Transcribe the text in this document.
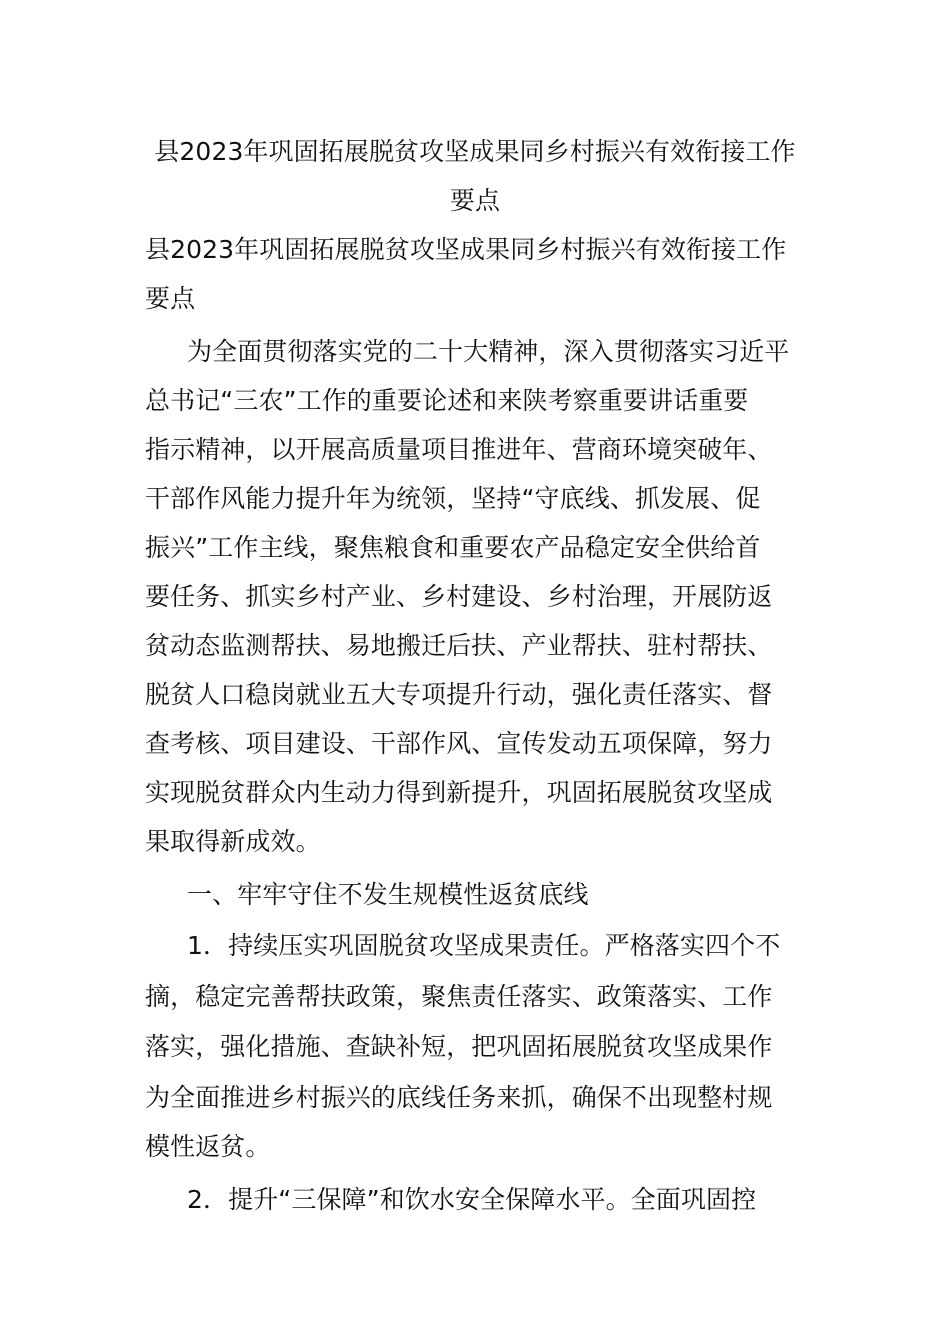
县2023年巩固拓展脱贫攻坚成果同乡村振兴有效衔接工作
要点
县2023年巩固拓展脱贫攻坚成果同乡村振兴有效衔接工作
要点
为全面贯彻落实党的二十大精神，深入贯彻落实习近平
总书记“三农”工作的重要论述和来陕考察重要讲话重要
指示精神，以开展高质量项目推进年、营商环境突破年、
干部作风能力提升年为统领，坚持“守底线、抓发展、促
振兴”工作主线，聚焦粮食和重要农产品稳定安全供给首
要任务、抓实乡村产业、乡村建设、乡村治理，开展防返
贫动态监测帮扶、易地搬迁后扶、产业帮扶、驻村帮扶、
脱贫人口稳岗就业五大专项提升行动，强化责任落实、督
查考核、项目建设、干部作风、宣传发动五项保障，努力
实现脱贫群众内生动力得到新提升，巩固拓展脱贫攻坚成
果取得新成效。
一、牢牢守住不发生规模性返贫底线
1．持续压实巩固脱贫攻坚成果责任。严格落实四个不
摘，稳定完善帮扶政策，聚焦责任落实、政策落实、工作
落实，强化措施、查缺补短，把巩固拓展脱贫攻坚成果作
为全面推进乡村振兴的底线任务来抓，确保不出现整村规
模性返贫。
2．提升“三保障”和饮水安全保障水平。全面巩固控
